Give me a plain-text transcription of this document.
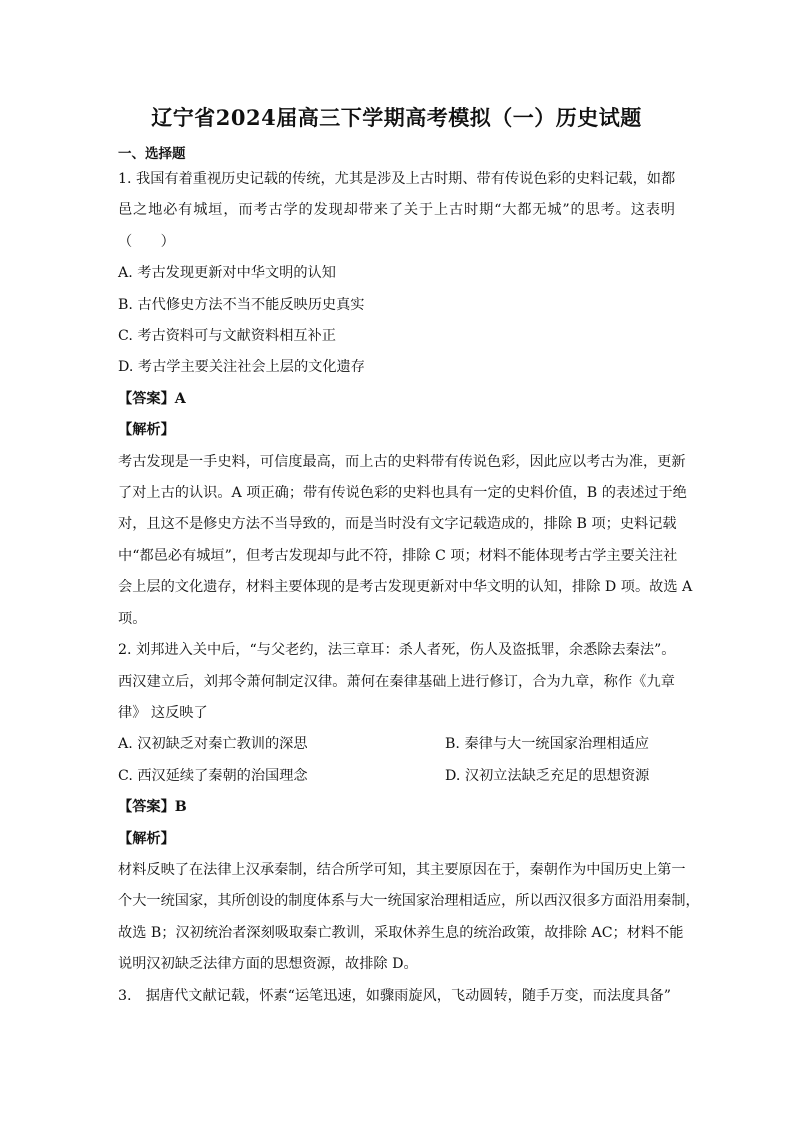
辽宁省2024届高三下学期高考模拟（一）历史试题
一、选择题
1. 我国有着重视历史记载的传统，尤其是涉及上古时期、带有传说色彩的史料记载，如都
邑之地必有城垣，而考古学的发现却带来了关于上古时期“大都无城”的思考。这表明
（　　）
A. 考古发现更新对中华文明的认知
B. 古代修史方法不当不能反映历史真实
C. 考古资料可与文献资料相互补正
D. 考古学主要关注社会上层的文化遗存
【答案】A
【解析】
考古发现是一手史料，可信度最高，而上古的史料带有传说色彩，因此应以考古为准，更新
了对上古的认识。A 项正确；带有传说色彩的史料也具有一定的史料价值，B 的表述过于绝
对，且这不是修史方法不当导致的，而是当时没有文字记载造成的，排除 B 项；史料记载
中“都邑必有城垣”，但考古发现却与此不符，排除 C 项；材料不能体现考古学主要关注社
会上层的文化遗存，材料主要体现的是考古发现更新对中华文明的认知，排除 D 项。故选 A
项。
2. 刘邦进入关中后，“与父老约，法三章耳：杀人者死，伤人及盗抵罪，余悉除去秦法”。
西汉建立后，刘邦令萧何制定汉律。萧何在秦律基础上进行修订，合为九章，称作《九章
律》 这反映了
A. 汉初缺乏对秦亡教训的深思	B. 秦律与大一统国家治理相适应
C. 西汉延续了秦朝的治国理念	D. 汉初立法缺乏充足的思想资源
【答案】B
【解析】
材料反映了在法律上汉承秦制，结合所学可知，其主要原因在于，秦朝作为中国历史上第一
个大一统国家，其所创设的制度体系与大一统国家治理相适应，所以西汉很多方面沿用秦制，
故选 B；汉初统治者深刻吸取秦亡教训，采取休养生息的统治政策，故排除 AC；材料不能
说明汉初缺乏法律方面的思想资源，故排除 D。
3.　据唐代文献记载，怀素“运笔迅速，如骤雨旋风，飞动圆转，随手万变，而法度具备”
